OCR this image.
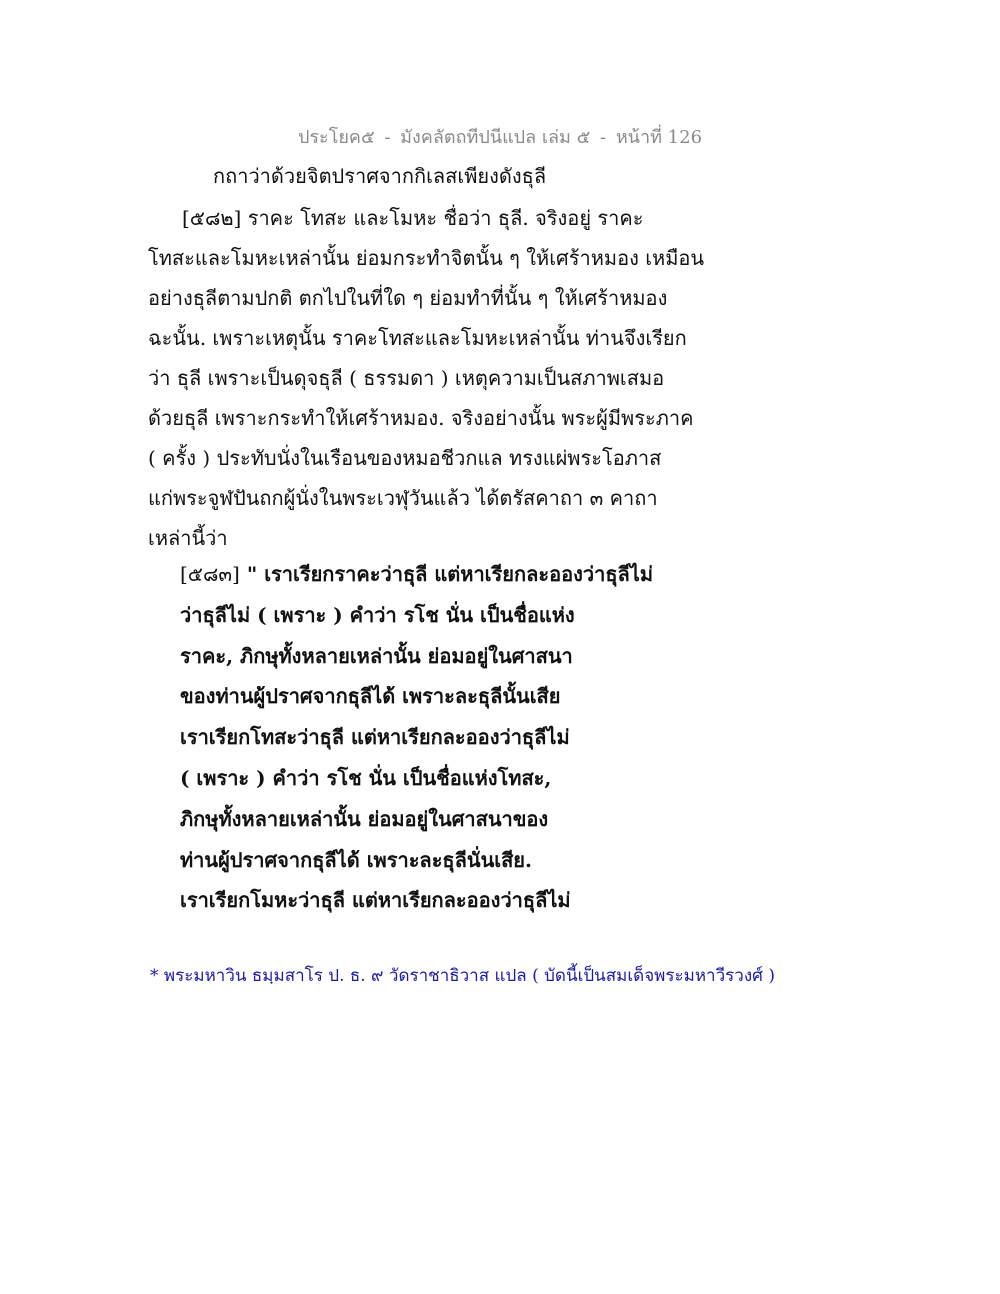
ประโยค๕ - มังคลัตถทีปนีแปล เล่ม ๕ - หน้าที่ 126
กถาว่าด้วยจิตปราศจากกิเลสเพียงดังธุลี
[๕๘๒] ราคะ โทสะ และโมหะ ชื่อว่า ธุลี. จริงอยู่ ราคะ
โทสะและโมหะเหล่านั้น ย่อมกระทำจิตนั้น ๆ ให้เศร้าหมอง เหมือน
อย่างธุลีตามปกติ ตกไปในที่ใด ๆ ย่อมทำที่นั้น ๆ ให้เศร้าหมอง
ฉะนั้น. เพราะเหตุนั้น ราคะโทสะและโมหะเหล่านั้น ท่านจึงเรียก
ว่า ธุลี เพราะเป็นดุจธุลี ( ธรรมดา ) เหตุความเป็นสภาพเสมอ
ด้วยธุลี เพราะกระทำให้เศร้าหมอง. จริงอย่างนั้น พระผู้มีพระภาค
( ครั้ง ) ประทับนั่งในเรือนของหมอชีวกแล ทรงแผ่พระโอภาส
แก่พระจูฬปันถกผู้นั่งในพระเวฬุวันแล้ว ได้ตรัสคาถา ๓ คาถา
เหล่านี้ว่า
[๕๘๓] " เราเรียกราคะว่าธุลี แต่หาเรียกละอองว่าธุลีไม่
ว่าธุลีไม่ ( เพราะ ) คำว่า รโช นั่น เป็นชื่อแห่ง
ราคะ, ภิกษุทั้งหลายเหล่านั้น ย่อมอยู่ในศาสนา
ของท่านผู้ปราศจากธุลีได้ เพราะละธุลีนั้นเสีย
เราเรียกโทสะว่าธุลี แต่หาเรียกละอองว่าธุลีไม่
( เพราะ ) คำว่า รโช นั่น เป็นชื่อแห่งโทสะ,
ภิกษุทั้งหลายเหล่านั้น ย่อมอยู่ในศาสนาของ
ท่านผู้ปราศจากธุลีได้ เพราะละธุลีนั่นเสีย.
เราเรียกโมหะว่าธุลี แต่หาเรียกละอองว่าธุลีไม่
* พระมหาวิน ธมฺมสาโร ป. ธ. ๙ วัดราชาธิวาส แปล ( บัดนี้เป็นสมเด็จพระมหาวีรวงศ์ )
